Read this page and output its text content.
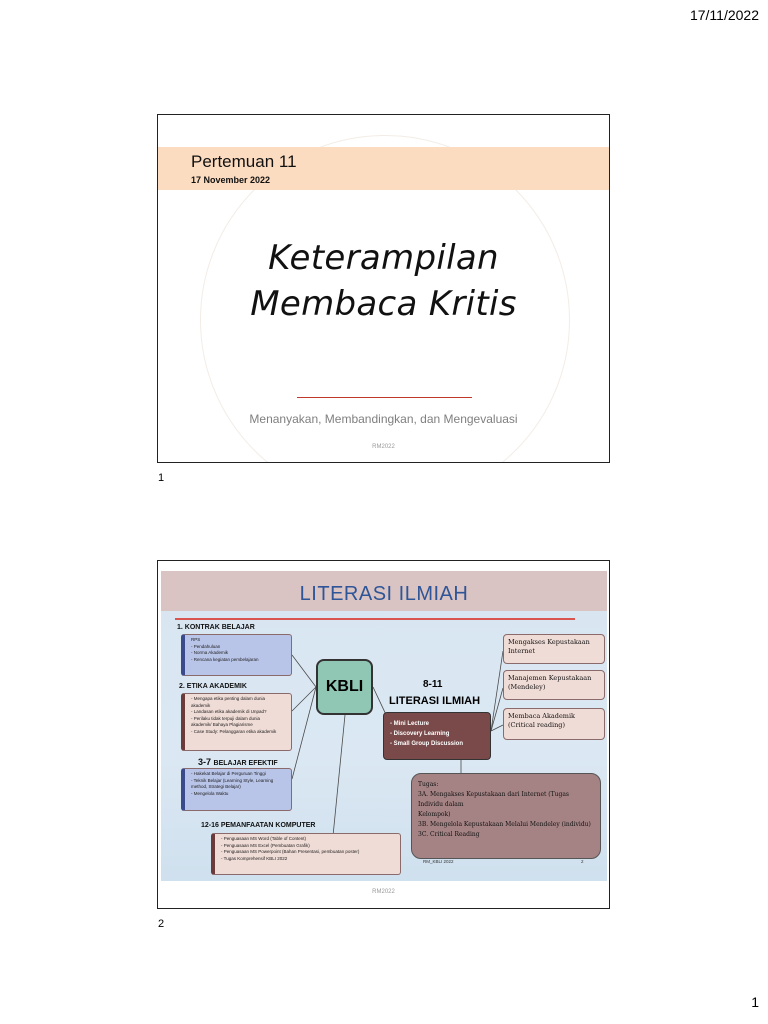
17/11/2022
Pertemuan 11
17 November 2022
Keterampilan
Membaca Kritis
Menanyakan, Membandingkan, dan Mengevaluasi
RM2022
1
LITERASI ILMIAH
1. KONTRAK BELAJAR
RPS
- Pendahuluan
- Norma Akademik
- Rencana kegiatan pembelajaran
2. ETIKA AKADEMIK
- Mengapa etika penting dalam dunia
akademik
- Landasan etika akademik di Unpad?
- Perilaku tidak terpuji dalam dunia
akademik/ Bahaya Plagiarisme
- Case Study: Pelanggaran etika akademik
3-7 BELAJAR EFEKTIF
- Hakekat Belajar di Perguruan Tinggi
- Teknik Belajar (Learning Style, Learning
method, Strategi Belajar)
- Mengelola Waktu
12-16 PEMANFAATAN KOMPUTER
- Penguasaan MS Word (Table of Content)
- Penguasaan MS Excel (Pembuatan Grafik)
- Penguasaan MS Powerpoint (Bahan Presentasi, pembuatan poster)
- Tugas Komprehensif KBLI 2022
KBLI	8-11
LITERASI ILMIAH
- Mini Lecture
- Discovery Learning
- Small Group Discussion
Mengakses Kepustakaan Internet
Manajemen Kepustakaan (Mendeley)
Membaca Akademik (Critical reading)
Tugas:
3A. Mengakses Kepustakaan dari Internet (Tugas Individu dalam
Kelompok)
3B. Mengelola Kepustakaan Melalui Mendeley (individu)
3C. Critical Reading
RM_KBLI 2022	2
RM2022
2
1
